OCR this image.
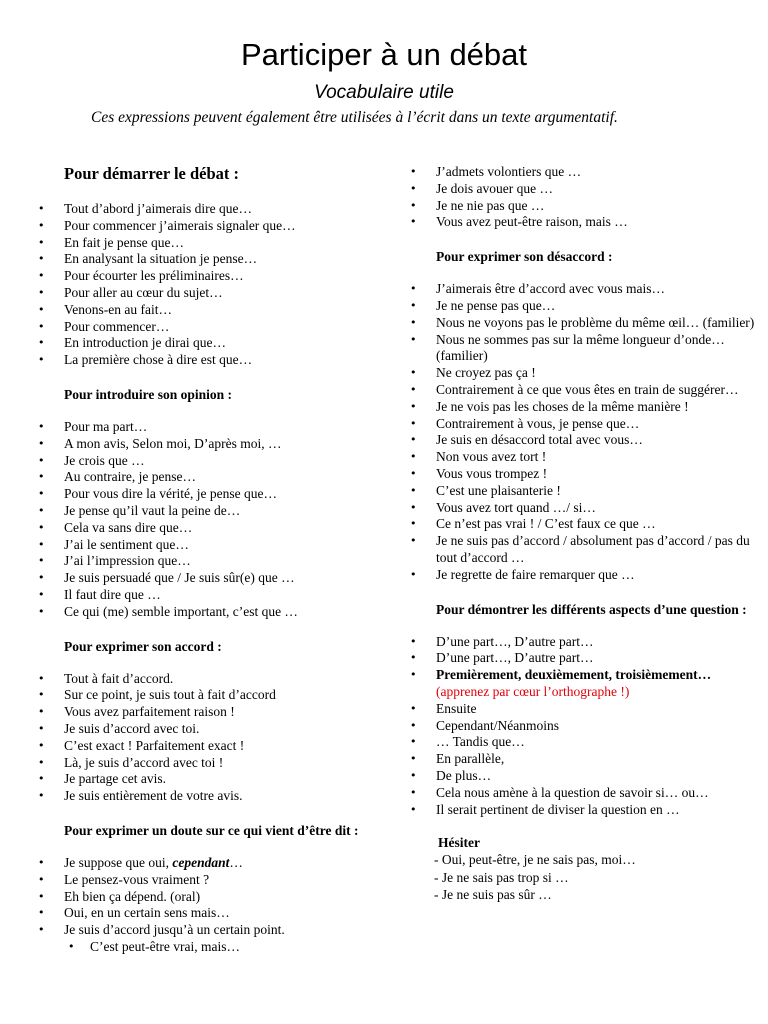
Participer à un débat
Vocabulaire utile
Ces expressions peuvent également être utilisées à l’écrit dans un texte argumentatif.
Pour démarrer le débat :
• Tout d’abord j’aimerais dire que…
• Pour commencer j’aimerais signaler que…
• En fait je pense que…
• En analysant la situation je pense…
• Pour écourter les préliminaires…
• Pour aller au cœur du sujet…
• Venons-en au fait…
• Pour commencer…
• En introduction je dirai que…
• La première chose à dire est que…
Pour introduire son opinion :
• Pour ma part…
• A mon avis, Selon moi, D’après moi, …
• Je crois que …
• Au contraire, je pense…
• Pour vous dire la vérité, je pense que…
• Je pense qu’il vaut la peine de…
• Cela va sans dire que…
• J’ai le sentiment que…
• J’ai l’impression que…
• Je suis persuadé que / Je suis sûr(e) que …
• Il faut dire que …
• Ce qui (me) semble important, c’est que …
Pour exprimer son accord :
• Tout à fait d’accord.
• Sur ce point, je suis tout à fait d’accord
• Vous avez parfaitement raison !
• Je suis d’accord avec toi.
• C’est exact ! Parfaitement exact !
• Là, je suis d’accord avec toi !
• Je partage cet avis.
• Je suis entièrement de votre avis.
Pour exprimer un doute sur ce qui vient d’être dit :
• Je suppose que oui, cependant…
• Le pensez-vous vraiment ?
• Eh bien ça dépend. (oral)
• Oui, en un certain sens mais…
• Je suis d’accord jusqu’à un certain point.
• C’est peut-être vrai, mais…
• J’admets volontiers que …
• Je dois avouer que …
• Je ne nie pas que …
• Vous avez peut-être raison, mais …
Pour exprimer son désaccord :
• J’aimerais être d’accord avec vous mais…
• Je ne pense pas que…
• Nous ne voyons pas le problème du même œil… (familier)
• Nous ne sommes pas sur la même longueur d’onde… (familier)
• Ne croyez pas ça !
• Contrairement à ce que vous êtes en train de suggérer…
• Je ne vois pas les choses de la même manière !
• Contrairement à vous, je pense que…
• Je suis en désaccord total avec vous…
• Non vous avez tort !
• Vous vous trompez !
• C’est une plaisanterie !
• Vous avez tort quand …/ si…
• Ce n’est pas vrai ! / C’est faux ce que …
• Je ne suis pas d’accord / absolument pas d’accord / pas du tout d’accord …
• Je regrette de faire remarquer que …
Pour démontrer les différents aspects d’une question :
• D’une part…, D’autre part…
• D’une part…, D’autre part…
• Premièrement, deuxièmement, troisièmement…
(apprenez par cœur l’orthographe !)
• Ensuite
• Cependant/Néanmoins
• … Tandis que…
• En parallèle,
• De plus…
• Cela nous amène à la question de savoir si… ou…
• Il serait pertinent de diviser la question en …
Hésiter
- Oui, peut-être, je ne sais pas, moi…
- Je ne sais pas trop si …
- Je ne suis pas sûr …
